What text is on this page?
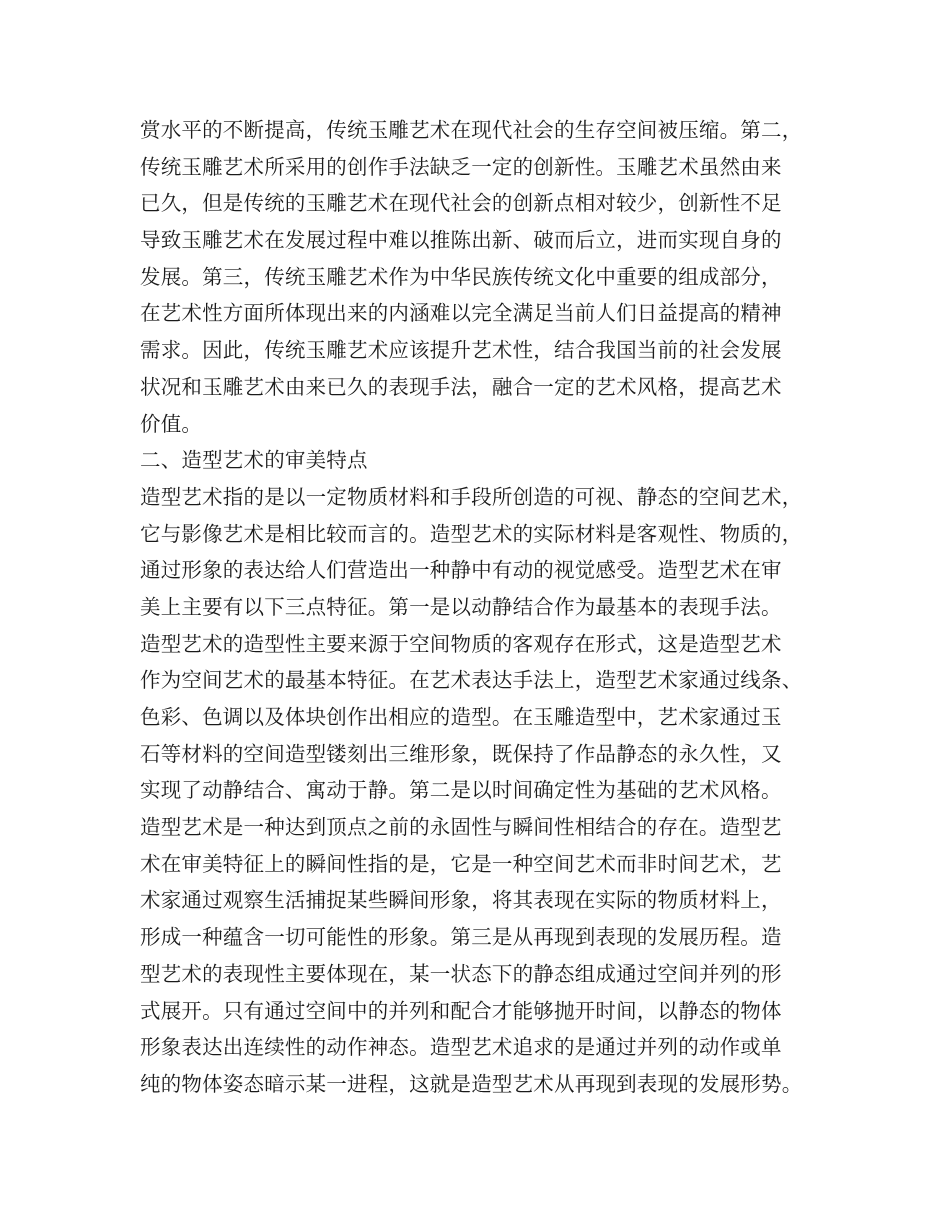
赏水平的不断提高，传统玉雕艺术在现代社会的生存空间被压缩。第二，
传统玉雕艺术所采用的创作手法缺乏一定的创新性。玉雕艺术虽然由来
已久，但是传统的玉雕艺术在现代社会的创新点相对较少，创新性不足
导致玉雕艺术在发展过程中难以推陈出新、破而后立，进而实现自身的
发展。第三，传统玉雕艺术作为中华民族传统文化中重要的组成部分，
在艺术性方面所体现出来的内涵难以完全满足当前人们日益提高的精神
需求。因此，传统玉雕艺术应该提升艺术性，结合我国当前的社会发展
状况和玉雕艺术由来已久的表现手法，融合一定的艺术风格，提高艺术
价值。
二、造型艺术的审美特点
造型艺术指的是以一定物质材料和手段所创造的可视、静态的空间艺术，
它与影像艺术是相比较而言的。造型艺术的实际材料是客观性、物质的，
通过形象的表达给人们营造出一种静中有动的视觉感受。造型艺术在审
美上主要有以下三点特征。第一是以动静结合作为最基本的表现手法。
造型艺术的造型性主要来源于空间物质的客观存在形式，这是造型艺术
作为空间艺术的最基本特征。在艺术表达手法上，造型艺术家通过线条、
色彩、色调以及体块创作出相应的造型。在玉雕造型中，艺术家通过玉
石等材料的空间造型镂刻出三维形象，既保持了作品静态的永久性，又
实现了动静结合、寓动于静。第二是以时间确定性为基础的艺术风格。
造型艺术是一种达到顶点之前的永固性与瞬间性相结合的存在。造型艺
术在审美特征上的瞬间性指的是，它是一种空间艺术而非时间艺术，艺
术家通过观察生活捕捉某些瞬间形象，将其表现在实际的物质材料上，
形成一种蕴含一切可能性的形象。第三是从再现到表现的发展历程。造
型艺术的表现性主要体现在，某一状态下的静态组成通过空间并列的形
式展开。只有通过空间中的并列和配合才能够抛开时间，以静态的物体
形象表达出连续性的动作神态。造型艺术追求的是通过并列的动作或单
纯的物体姿态暗示某一进程，这就是造型艺术从再现到表现的发展形势。
